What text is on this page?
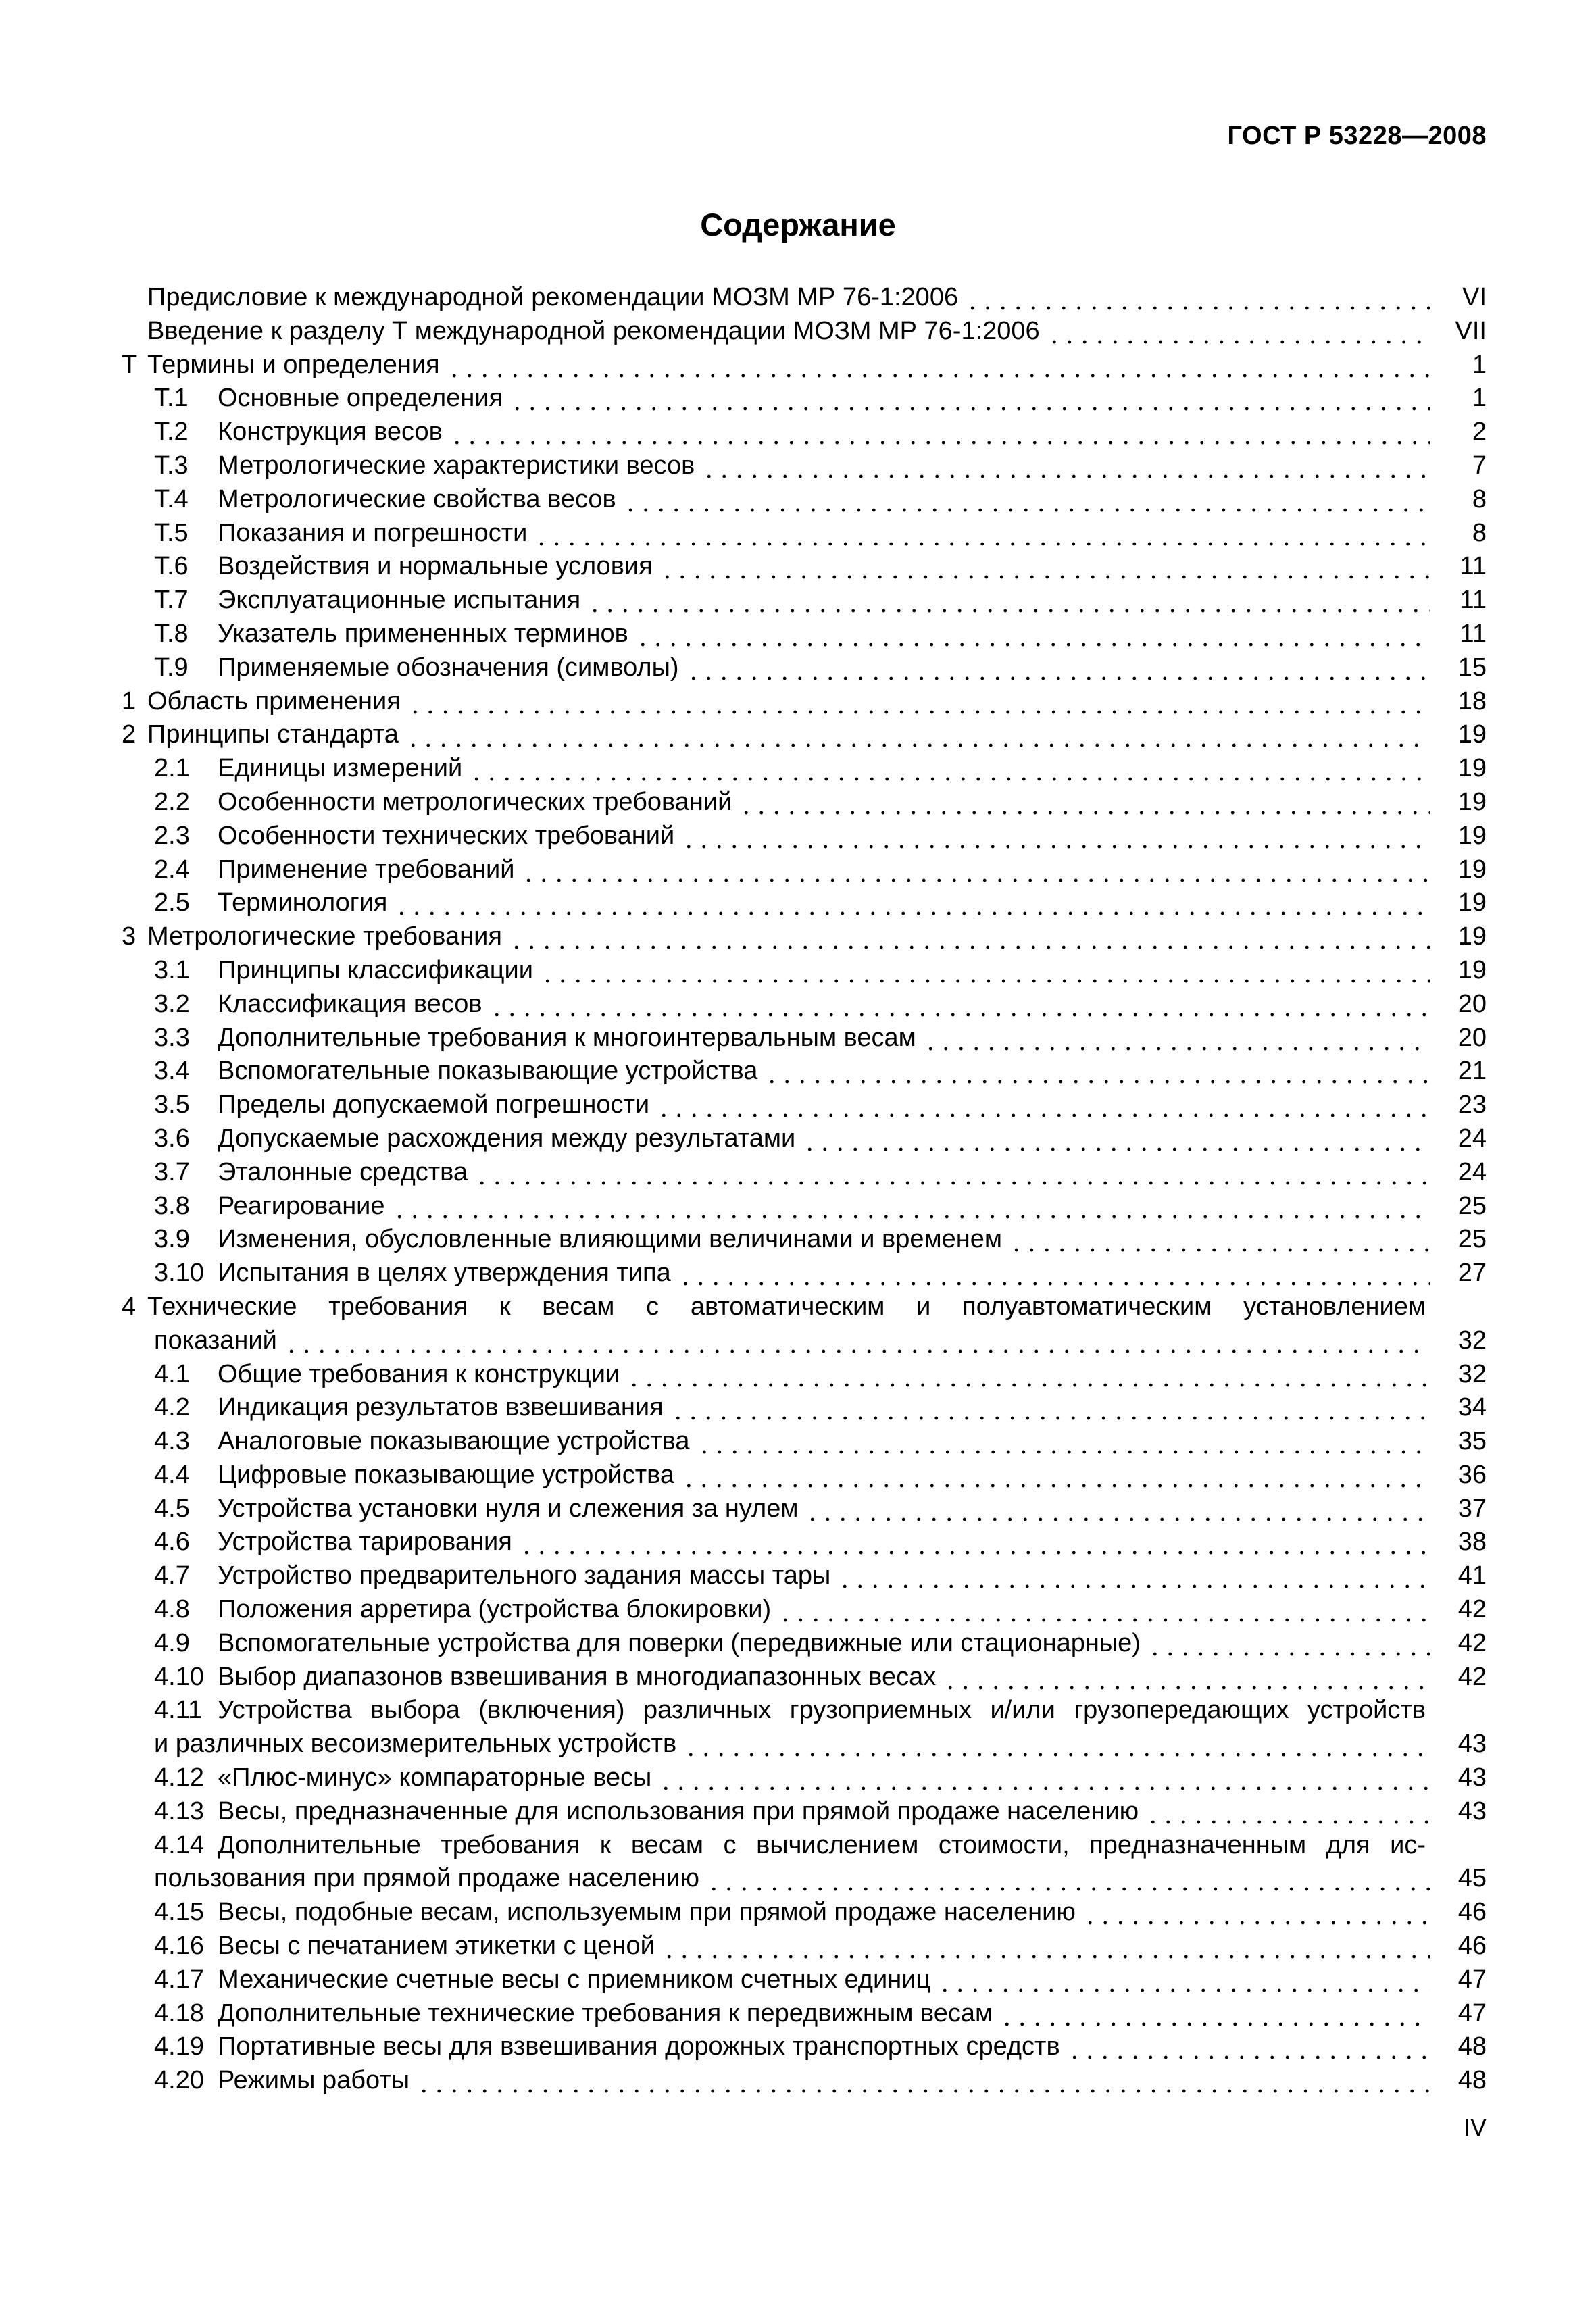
ГОСТ Р 53228—2008
Содержание
Предисловие к международной рекомендации МОЗМ МР 76-1:2006	VI
Введение к разделу Т международной рекомендации МОЗМ МР 76-1:2006	VII
Т Термины и определения	1
Т.1	Основные определения	1
Т.2	Конструкция весов	2
Т.3	Метрологические характеристики весов	7
Т.4	Метрологические свойства весов	8
Т.5	Показания и погрешности	8
Т.6	Воздействия и нормальные условия	11
Т.7	Эксплуатационные испытания	11
Т.8	Указатель примененных терминов	11
Т.9	Применяемые обозначения (символы)	15
1 Область применения	18
2 Принципы стандарта	19
2.1	Единицы измерений	19
2.2	Особенности метрологических требований	19
2.3	Особенности технических требований	19
2.4	Применение требований	19
2.5	Терминология	19
3 Метрологические требования	19
3.1	Принципы классификации	19
3.2	Классификация весов	20
3.3	Дополнительные требования к многоинтервальным весам	20
3.4	Вспомогательные показывающие устройства	21
3.5	Пределы допускаемой погрешности	23
3.6	Допускаемые расхождения между результатами	24
3.7	Эталонные средства	24
3.8	Реагирование	25
3.9	Изменения, обусловленные влияющими величинами и временем	25
3.10 Испытания в целях утверждения типа	27
4 Технические требования к весам с автоматическим и полуавтоматическим установлением
показаний	32
4.1	Общие требования к конструкции	32
4.2	Индикация результатов взвешивания	34
4.3	Аналоговые показывающие устройства	35
4.4	Цифровые показывающие устройства	36
4.5	Устройства установки нуля и слежения за нулем	37
4.6	Устройства тарирования	38
4.7	Устройство предварительного задания массы тары	41
4.8	Положения арретира (устройства блокировки)	42
4.9	Вспомогательные устройства для поверки (передвижные или стационарные)	42
4.10 Выбор диапазонов взвешивания в многодиапазонных весах	42
4.11 Устройства выбора (включения) различных грузоприемных и/или грузопередающих устройств
и различных весоизмерительных устройств	43
4.12 «Плюс-минус» компараторные весы	43
4.13 Весы, предназначенные для использования при прямой продаже населению	43
4.14 Дополнительные требования к весам с вычислением стоимости, предназначенным для ис-
пользования при прямой продаже населению	45
4.15 Весы, подобные весам, используемым при прямой продаже населению	46
4.16 Весы с печатанием этикетки с ценой	46
4.17 Механические счетные весы с приемником счетных единиц	47
4.18 Дополнительные технические требования к передвижным весам	47
4.19 Портативные весы для взвешивания дорожных транспортных средств	48
4.20 Режимы работы	48
IV
